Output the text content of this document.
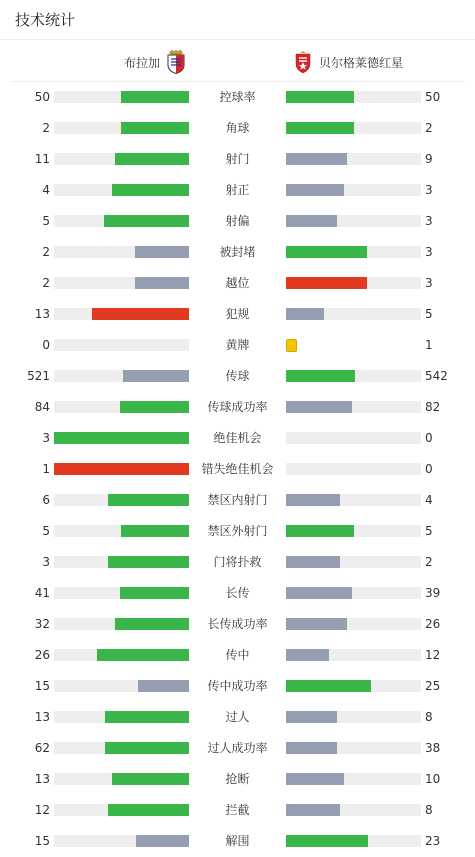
技术统计
布拉加	贝尔格莱德红星
50	控球率	50
2	角球	2
11	射门	9
4	射正	3
5	射偏	3
2	被封堵	3
2	越位	3
13	犯规	5
0	黄牌	1
521	传球	542
84	传球成功率	82
3	绝佳机会	0
1	错失绝佳机会	0
6	禁区内射门	4
5	禁区外射门	5
3	门将扑救	2
41	长传	39
32	长传成功率	26
26	传中	12
15	传中成功率	25
13	过人	8
62	过人成功率	38
13	抢断	10
12	拦截	8
15	解围	23
